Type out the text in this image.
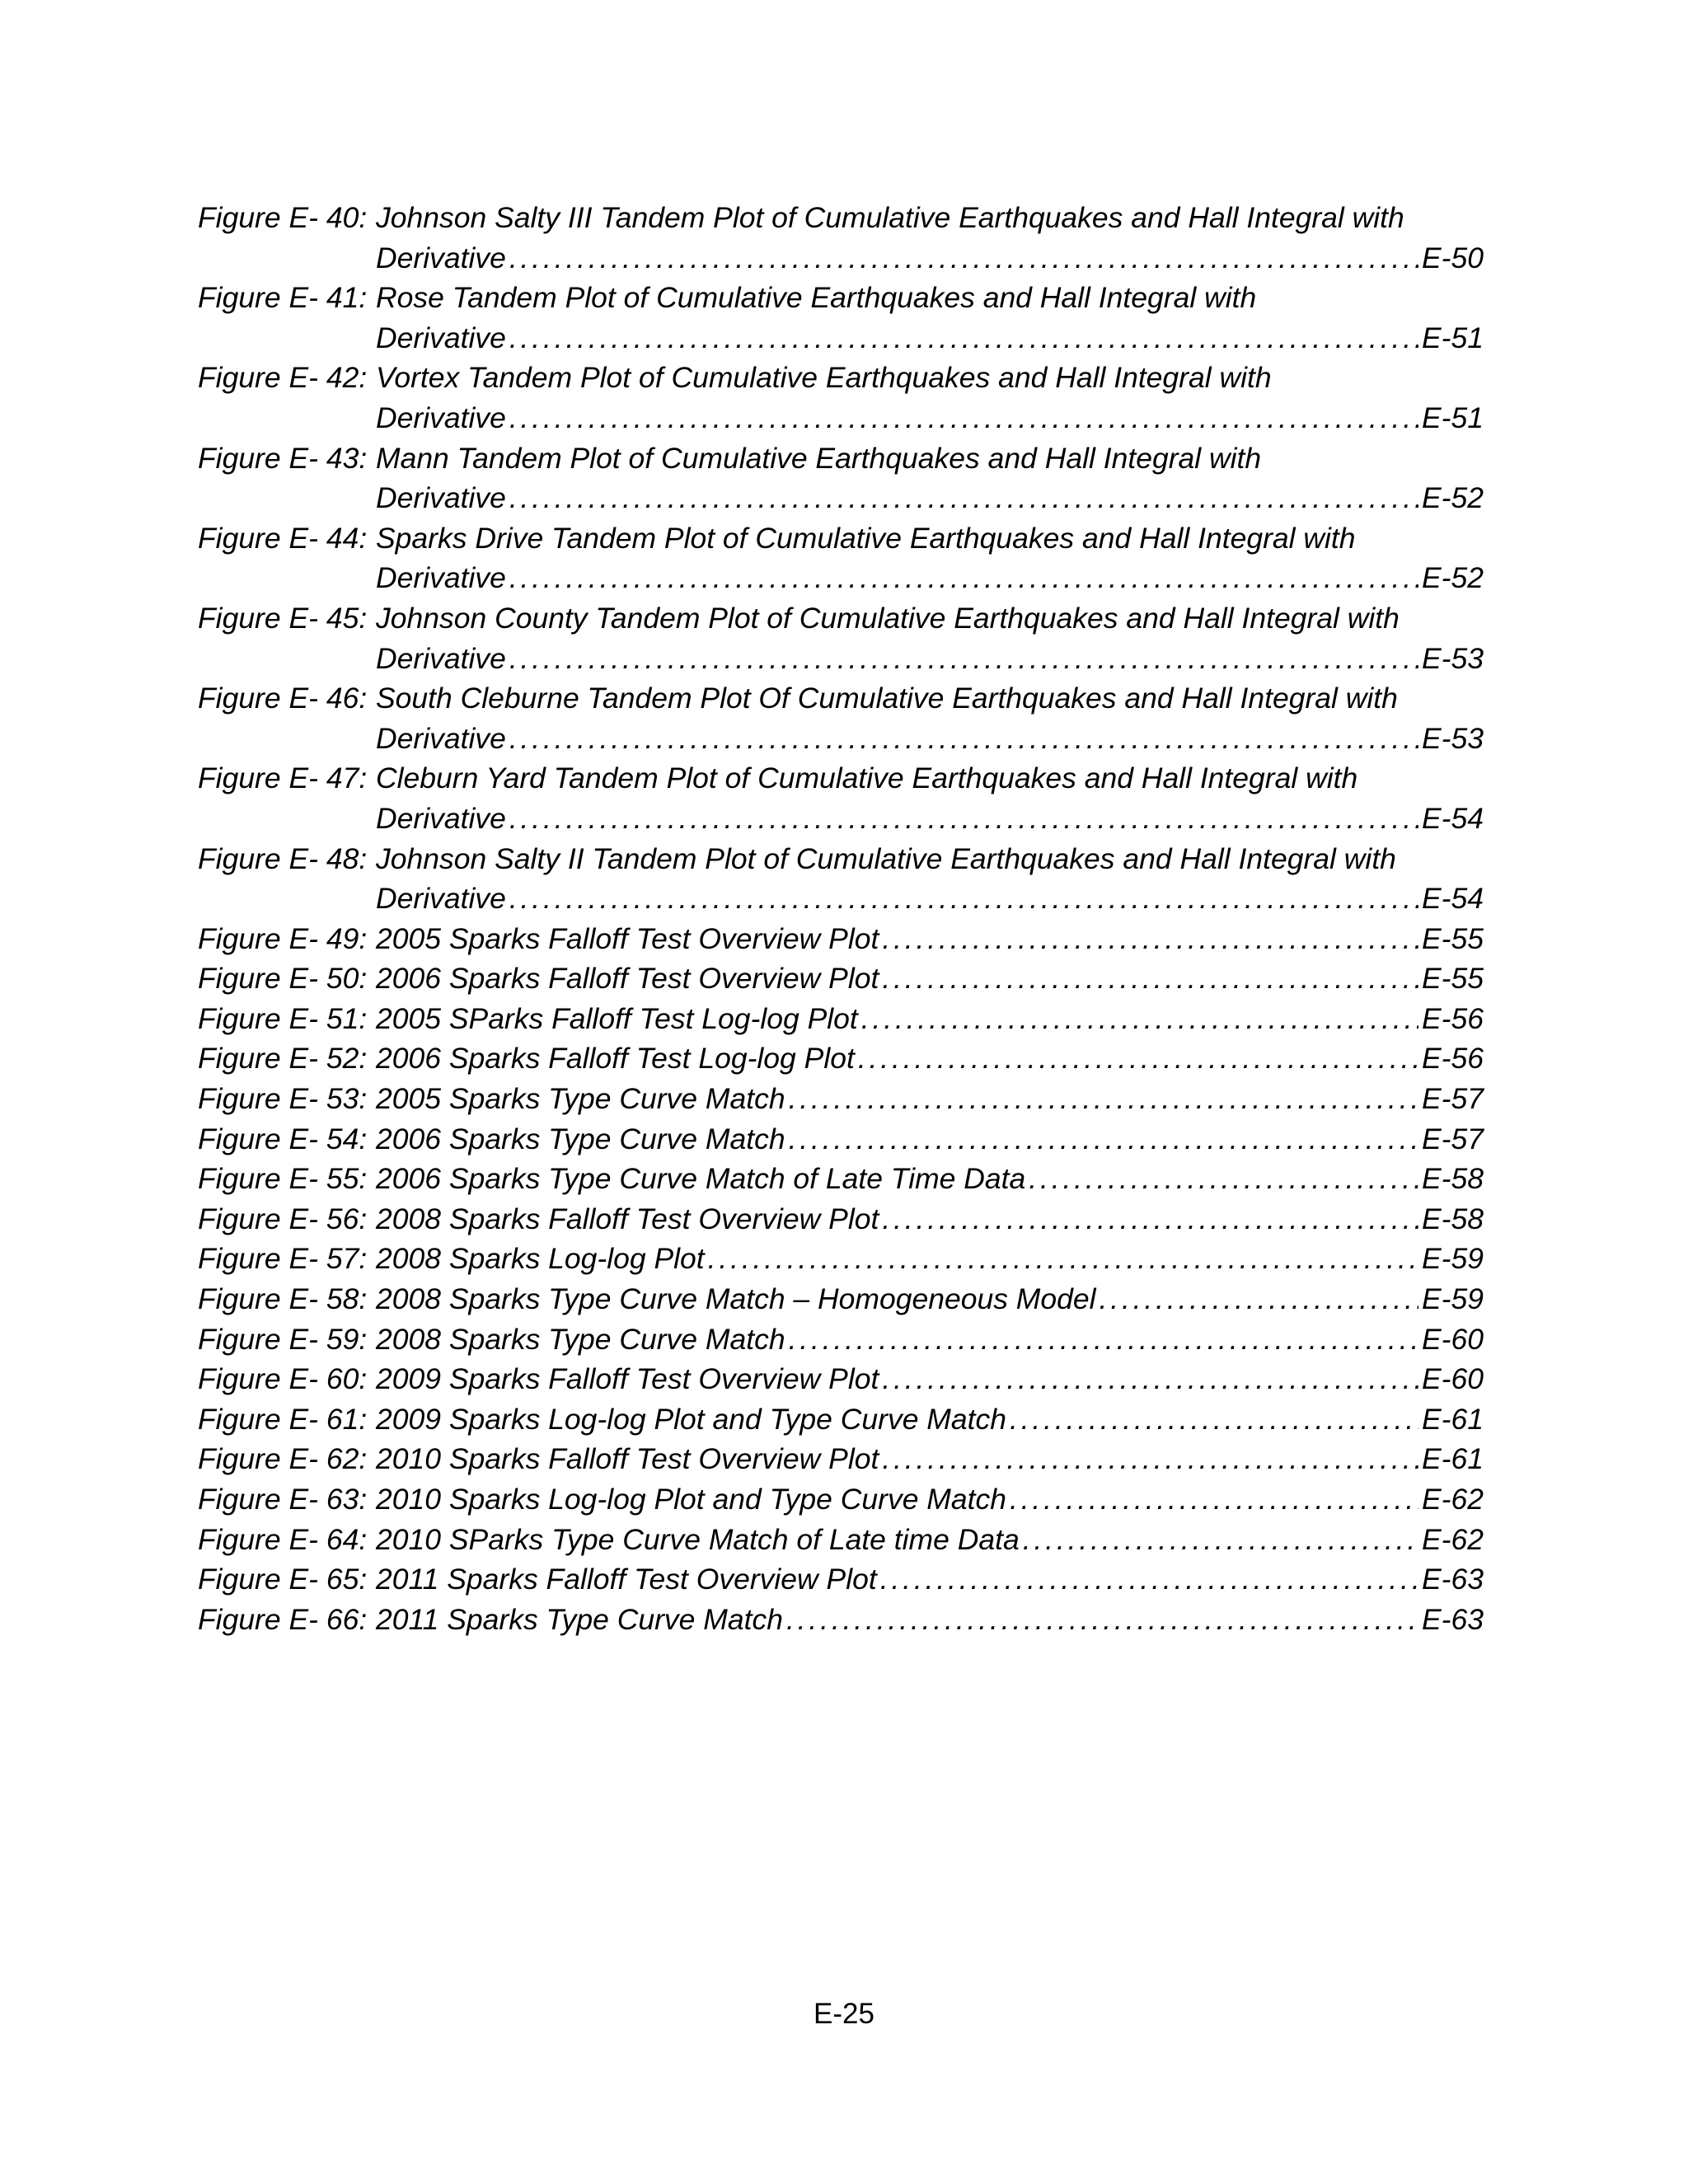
Figure E- 40: Johnson Salty III Tandem Plot of Cumulative Earthquakes and Hall Integral with
Derivative . . .	E-50
Figure E- 41: Rose Tandem Plot of Cumulative Earthquakes and Hall Integral with
Derivative . . .	E-51
Figure E- 42: Vortex Tandem Plot of Cumulative Earthquakes and Hall Integral with
Derivative . . .	E-51
Figure E- 43: Mann Tandem Plot of Cumulative Earthquakes and Hall Integral with
Derivative . . .	E-52
Figure E- 44: Sparks Drive Tandem Plot of Cumulative Earthquakes and Hall Integral with
Derivative . . .	E-52
Figure E- 45: Johnson County Tandem Plot of Cumulative Earthquakes and Hall Integral with
Derivative . . .	E-53
Figure E- 46: South Cleburne Tandem Plot Of Cumulative Earthquakes and Hall Integral with
Derivative . . .	E-53
Figure E- 47: Cleburn Yard Tandem Plot of Cumulative Earthquakes and Hall Integral with
Derivative . . .	E-54
Figure E- 48: Johnson Salty II Tandem Plot of Cumulative Earthquakes and Hall Integral with
Derivative . . .	E-54
Figure E- 49: 2005 Sparks Falloff Test Overview Plot . . .	E-55
Figure E- 50: 2006 Sparks Falloff Test Overview Plot . . .	E-55
Figure E- 51: 2005 SParks Falloff Test Log-log Plot . . .	E-56
Figure E- 52: 2006 Sparks Falloff Test Log-log Plot . . .	E-56
Figure E- 53: 2005 Sparks Type Curve Match . . .	E-57
Figure E- 54: 2006 Sparks Type Curve Match . . .	E-57
Figure E- 55: 2006 Sparks Type Curve Match of Late Time Data . . .	E-58
Figure E- 56: 2008 Sparks Falloff Test Overview Plot . . .	E-58
Figure E- 57: 2008 Sparks Log-log Plot . . .	E-59
Figure E- 58: 2008 Sparks Type Curve Match – Homogeneous Model . . .	E-59
Figure E- 59: 2008 Sparks Type Curve Match . . .	E-60
Figure E- 60: 2009 Sparks Falloff Test Overview Plot . . .	E-60
Figure E- 61: 2009 Sparks Log-log Plot and Type Curve Match . . .	E-61
Figure E- 62: 2010 Sparks Falloff Test Overview Plot . . .	E-61
Figure E- 63: 2010 Sparks Log-log Plot and Type Curve Match . . .	E-62
Figure E- 64: 2010 SParks Type Curve Match of Late time Data . . .	E-62
Figure E- 65: 2011 Sparks Falloff Test Overview Plot . . .	E-63
Figure E- 66: 2011 Sparks Type Curve Match . . .	E-63
E-25
